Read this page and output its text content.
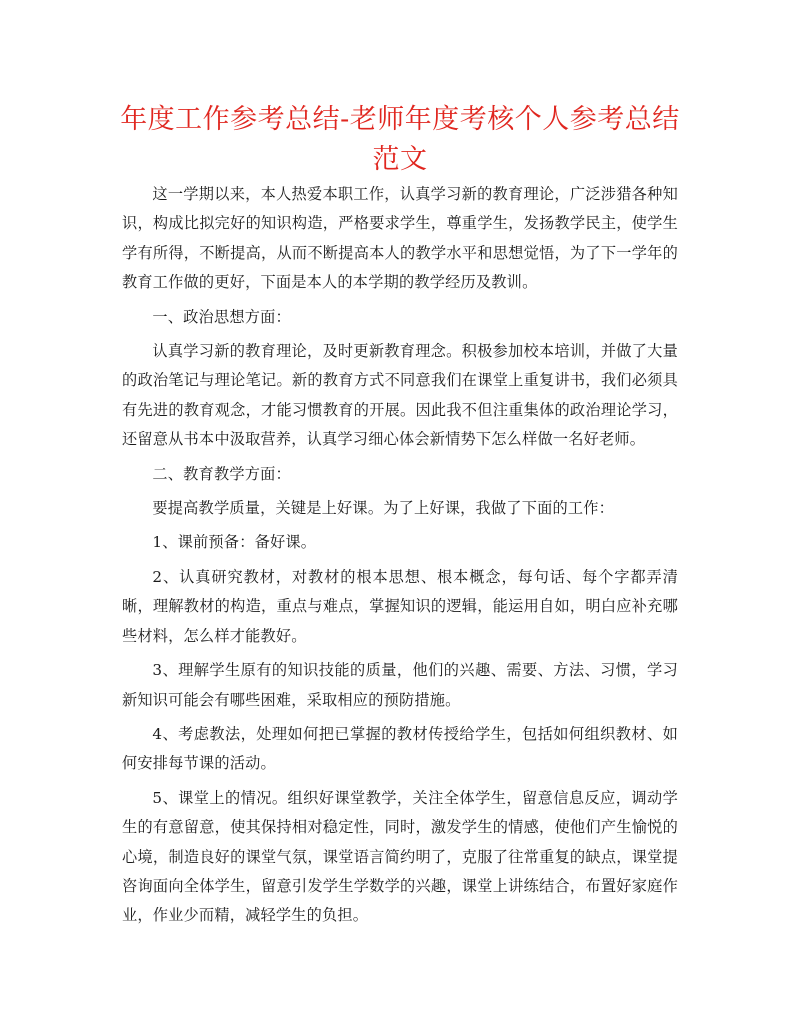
年度工作参考总结-老师年度考核个人参考总结范文

这一学期以来，本人热爱本职工作，认真学习新的教育理论，广泛涉猎各种知识，构成比拟完好的知识构造，严格要求学生，尊重学生，发扬教学民主，使学生学有所得，不断提高，从而不断提高本人的教学水平和思想觉悟，为了下一学年的教育工作做的更好，下面是本人的本学期的教学经历及教训。

一、政治思想方面：

认真学习新的教育理论，及时更新教育理念。积极参加校本培训，并做了大量的政治笔记与理论笔记。新的教育方式不同意我们在课堂上重复讲书，我们必须具有先进的教育观念，才能习惯教育的开展。因此我不但注重集体的政治理论学习，还留意从书本中汲取营养，认真学习细心体会新情势下怎么样做一名好老师。

二、教育教学方面：

要提高教学质量，关键是上好课。为了上好课，我做了下面的工作：

1、课前预备：备好课。

2、认真研究教材，对教材的根本思想、根本概念，每句话、每个字都弄清晰，理解教材的构造，重点与难点，掌握知识的逻辑，能运用自如，明白应补充哪些材料，怎么样才能教好。

3、理解学生原有的知识技能的质量，他们的兴趣、需要、方法、习惯，学习新知识可能会有哪些困难，采取相应的预防措施。

4、考虑教法，处理如何把已掌握的教材传授给学生，包括如何组织教材、如何安排每节课的活动。

5、课堂上的情况。组织好课堂教学，关注全体学生，留意信息反应，调动学生的有意留意，使其保持相对稳定性，同时，激发学生的情感，使他们产生愉悦的心境，制造良好的课堂气氛，课堂语言简约明了，克服了往常重复的缺点，课堂提咨询面向全体学生，留意引发学生学数学的兴趣，课堂上讲练结合，布置好家庭作业，作业少而精，减轻学生的负担。
